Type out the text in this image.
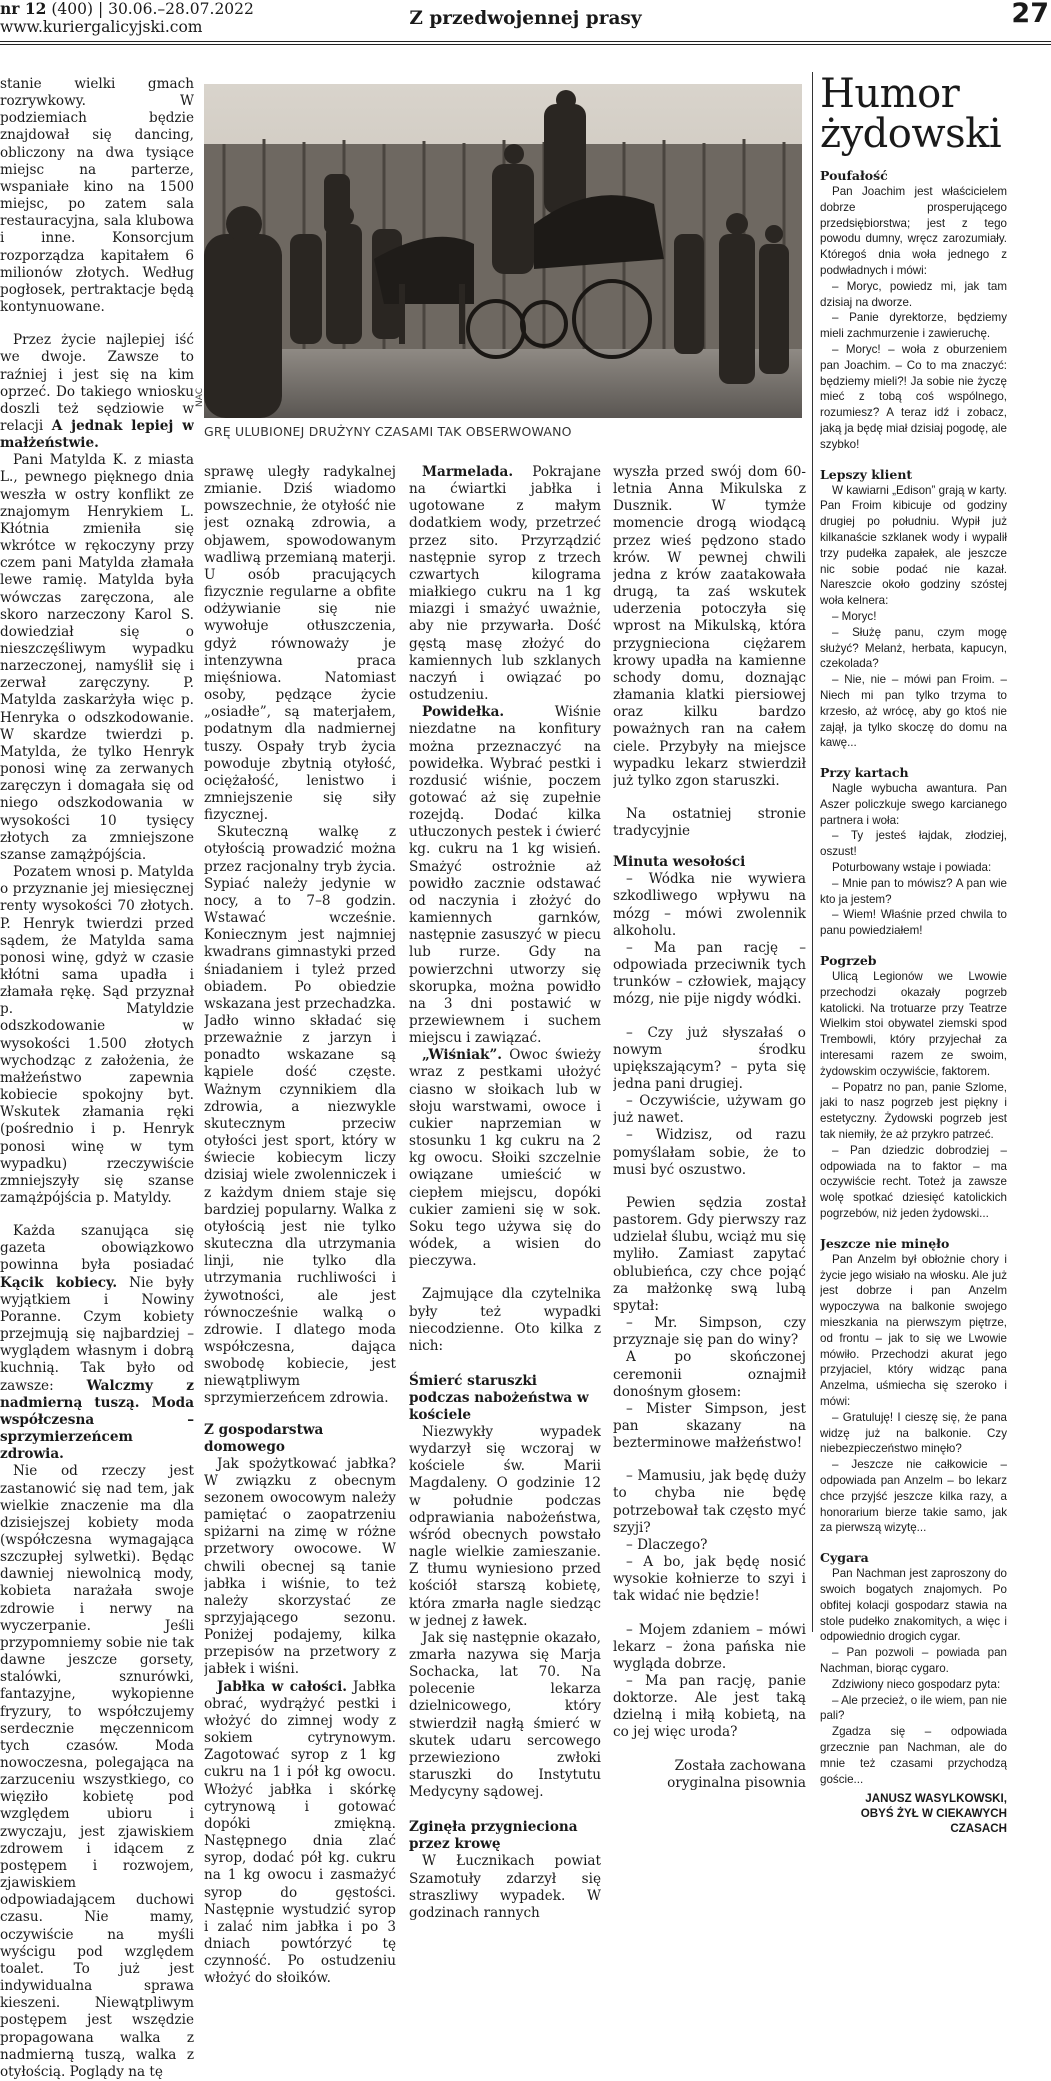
nr 12 (400) | 30.06.–28.07.2022
www.kuriergalicyjski.com	Z przedwojennej prasy	27

stanie wielki gmach rozrywkowy. W podziemiach będzie znajdował się dancing, obliczony na dwa tysiące miejsc na parterze, wspaniałe kino na 1500 miejsc, po zatem sala restauracyjna, sala klubowa i inne. Konsorcjum rozporządza kapitałem 6 milionów złotych. Według pogłosek, pertraktacje będą kontynuowane.

Przez życie najlepiej iść we dwoje. Zawsze to raźniej i jest się na kim oprzeć. Do takiego wniosku doszli też sędziowie w relacji A jednak lepiej w małżeństwie.

Pani Matylda K. z miasta L., pewnego pięknego dnia weszła w ostry konflikt ze znajomym Henrykiem L. Kłótnia zmieniła się wkrótce w rękoczyny przy czem pani Matylda złamała lewe ramię. Matylda była wówczas zaręczona, ale skoro narzeczony Karol S. dowiedział się o nieszczęśliwym wypadku narzeczonej, namyślił się i zerwał zaręczyny. P. Matylda zaskarżyła więc p. Henryka o odszkodowanie. W skardze twierdzi p. Matylda, że tylko Henryk ponosi winę za zerwanych zaręczyn i domagała się od niego odszkodowania w wysokości 10 tysięcy złotych za zmniejszone szanse zamążpójścia.

Pozatem wnosi p. Matylda o przyznanie jej miesięcznej renty wysokości 70 złotych. P. Henryk twierdzi przed sądem, że Matylda sama ponosi winę, gdyż w czasie kłótni sama upadła i złamała rękę. Sąd przyznał p. Matyldzie odszkodowanie w wysokości 1.500 złotych wychodząc z założenia, że małżeństwo zapewnia kobiecie spokojny byt. Wskutek złamania ręki (pośrednio i p. Henryk ponosi winę w tym wypadku) rzeczywiście zmniejszyły się szanse zamążpójścia p. Matyldy.

Każda szanująca się gazeta obowiązkowo powinna była posiadać Kącik kobiecy. Nie były wyjątkiem i Nowiny Poranne. Czym kobiety przejmują się najbardziej – wyglądem własnym i dobrą kuchnią. Tak było od zawsze: Walczmy z nadmierną tuszą. Moda współczesna – sprzymierzeńcem zdrowia.

Nie od rzeczy jest zastanowić się nad tem, jak wielkie znaczenie ma dla dzisiejszej kobiety moda (współczesna wymagająca szczupłej sylwetki). Będąc dawniej niewolnicą mody, kobieta narażała swoje zdrowie i nerwy na wyczerpanie. Jeśli przypomniemy sobie nie tak dawne jeszcze gorsety, stalówki, sznurówki, fantazyjne, wykopienne fryzury, to współczujemy serdecznie męczennicom tych czasów. Moda nowoczesna, polegająca na zarzuceniu wszystkiego, co więziło kobietę pod względem ubioru i zwyczaju, jest zjawiskiem zdrowem i idącem z postępem i rozwojem, zjawiskiem odpowiadającem duchowi czasu. Nie mamy, oczywiście na myśli wyścigu pod względem toalet. To już jest indywidualna sprawa kieszeni. Niewątpliwym postępem jest wszędzie propagowana walka z nadmierną tuszą, walka z otyłością. Poglądy na tę

NAC
GRĘ ULUBIONEJ DRUŻYNY CZASAMI TAK OBSERWOWANO

sprawę uległy radykalnej zmianie. Dziś wiadomo powszechnie, że otyłość nie jest oznaką zdrowia, a objawem, spowodowanym wadliwą przemianą materji. U osób pracujących fizycznie regularne a obfite odżywianie się nie wywołuje otłuszczenia, gdyż równoważy je intenzywna praca mięśniowa. Natomiast osoby, pędzące życie „osiadłe”, są materjałem, podatnym dla nadmiernej tuszy. Ospały tryb życia powoduje zbytnią otyłość, ociężałość, lenistwo i zmniejszenie się siły fizycznej.

Skuteczną walkę z otyłością prowadzić można przez racjonalny tryb życia. Sypiać należy jedynie w nocy, a to 7–8 godzin. Wstawać wcześnie. Koniecznym jest najmniej kwadrans gimnastyki przed śniadaniem i tyleż przed obiadem. Po obiedzie wskazana jest przechadzka. Jadło winno składać się przeważnie z jarzyn i ponadto wskazane są kąpiele dość częste. Ważnym czynnikiem dla zdrowia, a niezwykle skutecznym przeciw otyłości jest sport, który w świecie kobiecym liczy dzisiaj wiele zwolenniczek i z każdym dniem staje się bardziej popularny. Walka z otyłością jest nie tylko skuteczna dla utrzymania linji, nie tylko dla utrzymania ruchliwości i żywotności, ale jest równocześnie walką o zdrowie. I dlatego moda współczesna, dająca swobodę kobiecie, jest niewątpliwym sprzymierzeńcem zdrowia.

Z gospodarstwa domowego

Jak spożytkować jabłka? W związku z obecnym sezonem owocowym należy pamiętać o zaopatrzeniu spiżarni na zimę w różne przetwory owocowe. W chwili obecnej są tanie jabłka i wiśnie, to też należy skorzystać ze sprzyjającego sezonu. Poniżej podajemy, kilka przepisów na przetwory z jabłek i wiśni.

Jabłka w całości. Jabłka obrać, wydrążyć pestki i włożyć do zimnej wody z sokiem cytrynowym. Zagotować syrop z 1 kg cukru na 1 i pół kg owocu. Włożyć jabłka i skórkę cytrynową i gotować dopóki zmiękną. Następnego dnia zlać syrop, dodać pół kg. cukru na 1 kg owocu i zasmażyć syrop do gęstości. Następnie wystudzić syrop i zalać nim jabłka i po 3 dniach powtórzyć tę czynność. Po ostudzeniu włożyć do słoików.

Marmelada. Pokrajane na ćwiartki jabłka i ugotowane z małym dodatkiem wody, przetrzeć przez sito. Przyrządzić następnie syrop z trzech czwartych kilograma miałkiego cukru na 1 kg miazgi i smażyć uważnie, aby nie przywarła. Dość gęstą masę złożyć do kamiennych lub szklanych naczyń i owiązać po ostudzeniu.

Powidełka. Wiśnie niezdatne na konfitury można przeznaczyć na powidełka. Wybrać pestki i rozdusić wiśnie, poczem gotować aż się zupełnie rozejdą. Dodać kilka utłuczonych pestek i ćwierć kg. cukru na 1 kg wisień. Smażyć ostrożnie aż powidło zacznie odstawać od naczynia i złożyć do kamiennych garnków, następnie zasuszyć w piecu lub rurze. Gdy na powierzchni utworzy się skorupka, można powidło na 3 dni postawić w przewiewnem i suchem miejscu i zawiązać.

„Wiśniak”. Owoc świeży wraz z pestkami ułożyć ciasno w słoikach lub w słoju warstwami, owoce i cukier naprzemian w stosunku 1 kg cukru na 2 kg owocu. Słoiki szczelnie owiązane umieścić w ciepłem miejscu, dopóki cukier zamieni się w sok. Soku tego używa się do wódek, a wisien do pieczywa.

Zajmujące dla czytelnika były też wypadki niecodzienne. Oto kilka z nich:

Śmierć staruszki podczas nabożeństwa w kościele

Niezwykły wypadek wydarzył się wczoraj w kościele św. Marii Magdaleny. O godzinie 12 w południe podczas odprawiania nabożeństwa, wśród obecnych powstało nagle wielkie zamieszanie. Z tłumu wyniesiono przed kościół starszą kobietę, która zmarła nagle siedząc w jednej z ławek.

Jak się następnie okazało, zmarła nazywa się Marja Sochacka, lat 70. Na polecenie lekarza dzielnicowego, który stwierdził nagłą śmierć w skutek udaru sercowego przewieziono zwłoki staruszki do Instytutu Medycyny sądowej.

Zginęła przygnieciona przez krowę

W Łucznikach powiat Szamotuły zdarzył się straszliwy wypadek. W godzinach rannych

wyszła przed swój dom 60-letnia Anna Mikulska z Dusznik. W tymże momencie drogą wiodącą przez wieś pędzono stado krów. W pewnej chwili jedna z krów zaatakowała drugą, ta zaś wskutek uderzenia potoczyła się wprost na Mikulską, która przygnieciona ciężarem krowy upadła na kamienne schody domu, doznając złamania klatki piersiowej oraz kilku bardzo poważnych ran na całem ciele. Przybyły na miejsce wypadku lekarz stwierdził już tylko zgon staruszki.

Na ostatniej stronie tradycyjnie

Minuta wesołości

– Wódka nie wywiera szkodliwego wpływu na mózg – mówi zwolennik alkoholu.

– Ma pan rację – odpowiada przeciwnik tych trunków – człowiek, mający mózg, nie pije nigdy wódki.

– Czy już słyszałaś o nowym środku upiększającym? – pyta się jedna pani drugiej.

– Oczywiście, używam go już nawet.

– Widzisz, od razu pomyślałam sobie, że to musi być oszustwo.

Pewien sędzia został pastorem. Gdy pierwszy raz udzielał ślubu, wciąż mu się myliło. Zamiast zapytać oblubieńca, czy chce pojąć za małżonkę swą lubą spytał:

– Mr. Simpson, czy przyznaje się pan do winy?

A po skończonej ceremonii oznajmił donośnym głosem:

– Mister Simpson, jest pan skazany na bezterminowe małżeństwo!

– Mamusiu, jak będę duży to chyba nie będę potrzebował tak często myć szyji?

– Dlaczego?

– A bo, jak będę nosić wysokie kołnierze to szyi i tak widać nie będzie!

– Mojem zdaniem – mówi lekarz – żona pańska nie wygląda dobrze.

– Ma pan rację, panie doktorze. Ale jest taką dzielną i miłą kobietą, na co jej więc uroda?

Została zachowana oryginalna pisownia

Humor żydowski
Poufałość

Pan Joachim jest właścicielem dobrze prosperującego przedsiębiorstwa; jest z tego powodu dumny, wręcz zarozumiały. Któregoś dnia woła jednego z podwładnych i mówi:

– Moryc, powiedz mi, jak tam dzisiaj na dworze.

– Panie dyrektorze, będziemy mieli zachmurzenie i zawieruchę.

– Moryc! – woła z oburzeniem pan Joachim. – Co to ma znaczyć: będziemy mieli?! Ja sobie nie życzę mieć z tobą coś wspólnego, rozumiesz? A teraz idź i zobacz, jaką ja będę miał dzisiaj pogodę, ale szybko!

Lepszy klient

W kawiarni „Edison” grają w karty. Pan Froim kibicuje od godziny drugiej po południu. Wypił już kilkanaście szklanek wody i wypalił trzy pudełka zapałek, ale jeszcze nic sobie podać nie kazał. Nareszcie około godziny szóstej woła kelnera:

– Moryc!

– Służę panu, czym mogę służyć? Melanż, herbata, kapucyn, czekolada?

– Nie, nie – mówi pan Froim. – Niech mi pan tylko trzyma to krzesło, aż wrócę, aby go ktoś nie zajął, ja tylko skoczę do domu na kawę...

Przy kartach

Nagle wybucha awantura. Pan Aszer policzkuje swego karcianego partnera i woła:

– Ty jesteś łajdak, złodziej, oszust!

Poturbowany wstaje i powiada:

– Mnie pan to mówisz? A pan wie kto ja jestem?

– Wiem! Właśnie przed chwila to panu powiedziałem!

Pogrzeb

Ulicą Legionów we Lwowie przechodzi okazały pogrzeb katolicki. Na trotuarze przy Teatrze Wielkim stoi obywatel ziemski spod Trembowli, który przyjechał za interesami razem ze swoim, żydowskim oczywiście, faktorem.

– Popatrz no pan, panie Szlome, jaki to nasz pogrzeb jest piękny i estetyczny. Żydowski pogrzeb jest tak niemiły, że aż przykro patrzeć.

– Pan dziedzic dobrodziej – odpowiada na to faktor – ma oczywiście recht. Toteż ja zawsze wolę spotkać dziesięć katolickich pogrzebów, niż jeden żydowski...

Jeszcze nie minęło

Pan Anzelm był obłożnie chory i życie jego wisiało na włosku. Ale już jest dobrze i pan Anzelm wypoczywa na balkonie swojego mieszkania na pierwszym piętrze, od frontu – jak to się we Lwowie mówiło. Przechodzi akurat jego przyjaciel, który widząc pana Anzelma, uśmiecha się szeroko i mówi:

– Gratuluję! I cieszę się, że pana widzę już na balkonie. Czy niebezpieczeństwo minęło?

– Jeszcze nie całkowicie – odpowiada pan Anzelm – bo lekarz chce przyjść jeszcze kilka razy, a honorarium bierze takie samo, jak za pierwszą wizytę...

Cygara

Pan Nachman jest zaproszony do swoich bogatych znajomych. Po obfitej kolacji gospodarz stawia na stole pudełko znakomitych, a więc i odpowiednio drogich cygar.

– Pan pozwoli – powiada pan Nachman, biorąc cygaro.

Zdziwiony nieco gospodarz pyta:

– Ale przecież, o ile wiem, pan nie pali?

Zgadza się – odpowiada grzecznie pan Nachman, ale do mnie też czasami przychodzą goście...

JANUSZ WASYLKOWSKI,
OBYŚ ŻYŁ W CIEKAWYCH CZASACH
